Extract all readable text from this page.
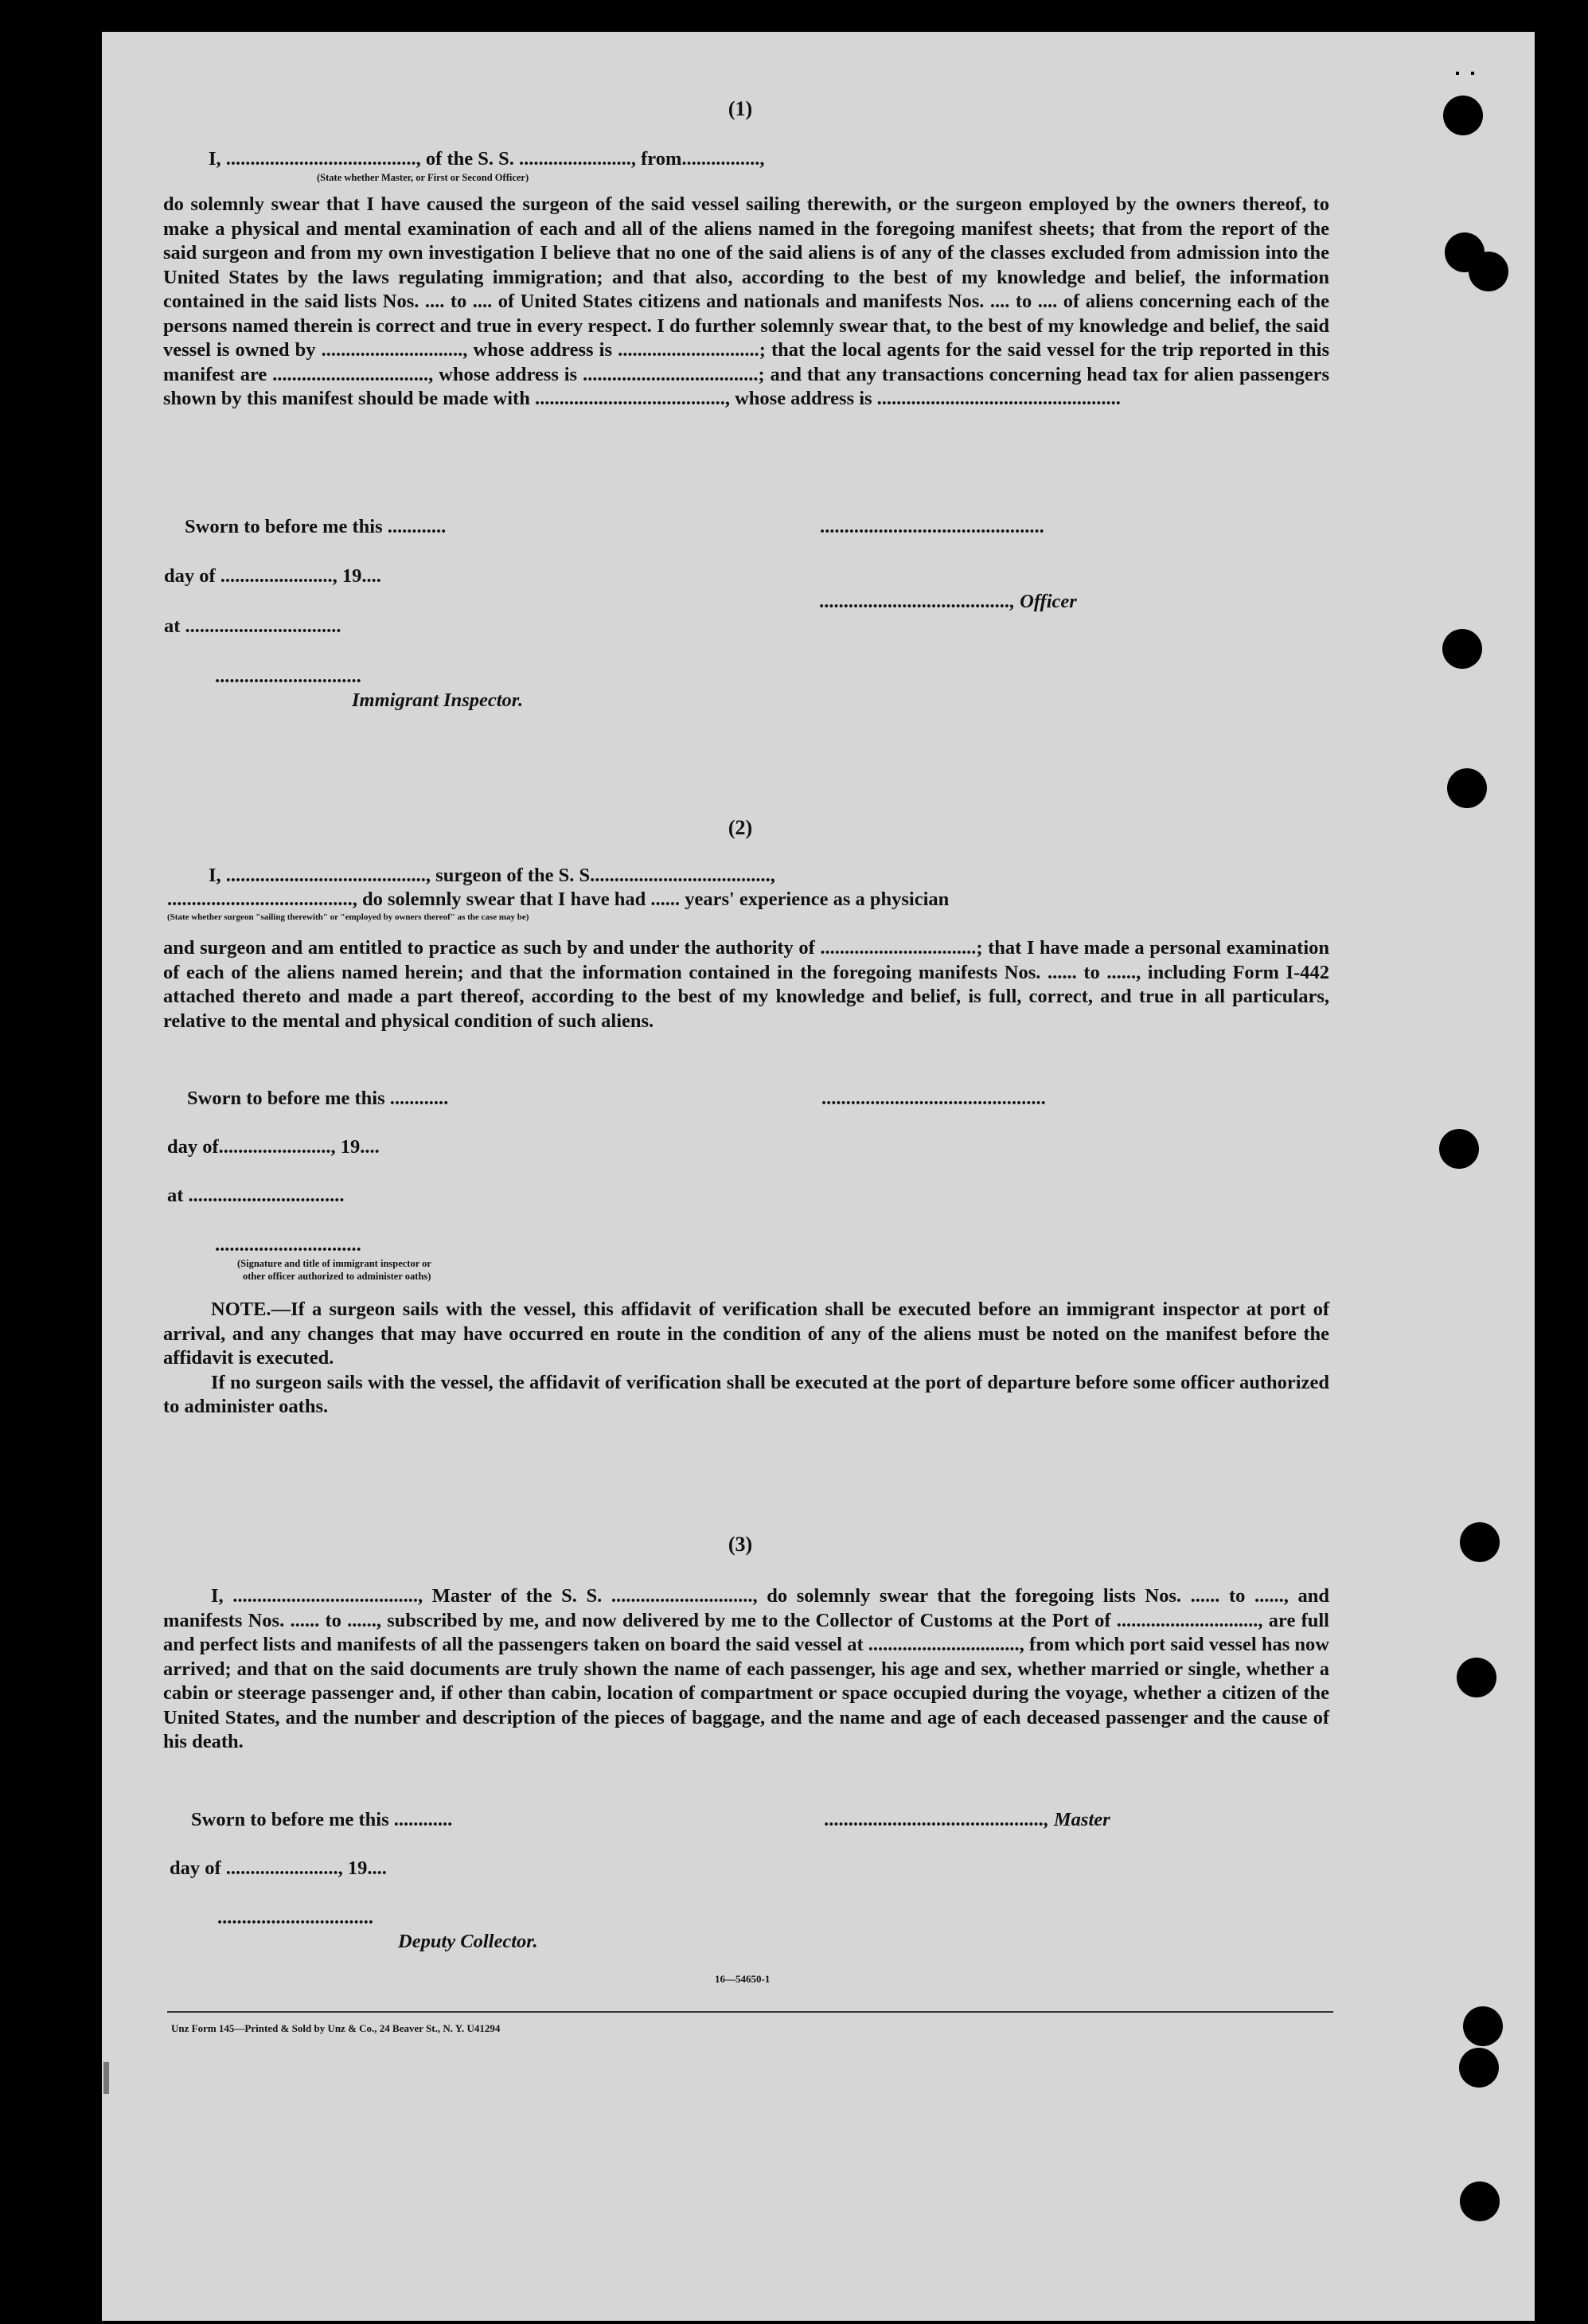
(1)
I, ......................................., of the S. S. ......................., from................,
(State whether Master, or First or Second Officer)

do solemnly swear that I have caused the surgeon of the said vessel sailing therewith, or the surgeon employed by the owners thereof, to make a physical and mental examination of each and all of the aliens named in the foregoing manifest sheets; that from the report of the said surgeon and from my own investigation I believe that no one of the said aliens is of any of the classes excluded from admission into the United States by the laws regulating immigration; and that also, according to the best of my knowledge and belief, the information contained in the said lists Nos. .... to .... of United States citizens and nationals and manifests Nos. .... to .... of aliens concerning each of the persons named therein is correct and true in every respect. I do further solemnly swear that, to the best of my knowledge and belief, the said vessel is owned by ............................., whose address is .............................; that the local agents for the said vessel for the trip reported in this manifest are ................................, whose address is ....................................; and that any transactions concerning head tax for alien passengers shown by this manifest should be made with ......................................., whose address is ..................................................

Sworn to before me this ............	..............................................
day of ......................., 19....
......................................., Officer
at ................................
..............................
Immigrant Inspector.
(2)
I, ........................................., surgeon of the S. S.....................................,
......................................, do solemnly swear that I have had ...... years' experience as a physician
(State whether surgeon "sailing therewith" or "employed by owners thereof" as the case may be)

and surgeon and am entitled to practice as such by and under the authority of ................................; that I have made a personal examination of each of the aliens named herein; and that the information contained in the foregoing manifests Nos. ...... to ......, including Form I-442 attached thereto and made a part thereof, according to the best of my knowledge and belief, is full, correct, and true in all particulars, relative to the mental and physical condition of such aliens.

Sworn to before me this ............	..............................................
day of......................., 19....
at ................................
..............................
(Signature and title of immigrant inspector or
other officer authorized to administer oaths)

NOTE.—If a surgeon sails with the vessel, this affidavit of verification shall be executed before an immigrant inspector at port of arrival, and any changes that may have occurred en route in the condition of any of the aliens must be noted on the manifest before the affidavit is executed.

If no surgeon sails with the vessel, the affidavit of verification shall be executed at the port of departure before some officer authorized to administer oaths.

(3)

I, ......................................, Master of the S. S. ............................., do solemnly swear that the foregoing lists Nos. ...... to ......, and manifests Nos. ...... to ......, subscribed by me, and now delivered by me to the Collector of Customs at the Port of ............................., are full and perfect lists and manifests of all the passengers taken on board the said vessel at ..............................., from which port said vessel has now arrived; and that on the said documents are truly shown the name of each passenger, his age and sex, whether married or single, whether a cabin or steerage passenger and, if other than cabin, location of compartment or space occupied during the voyage, whether a citizen of the United States, and the number and description of the pieces of baggage, and the name and age of each deceased passenger and the cause of his death.

Sworn to before me this ............	............................................., Master
day of ......................., 19....
................................
Deputy Collector.
16—54650-1
Unz Form 145—Printed & Sold by Unz & Co., 24 Beaver St., N. Y. U41294
